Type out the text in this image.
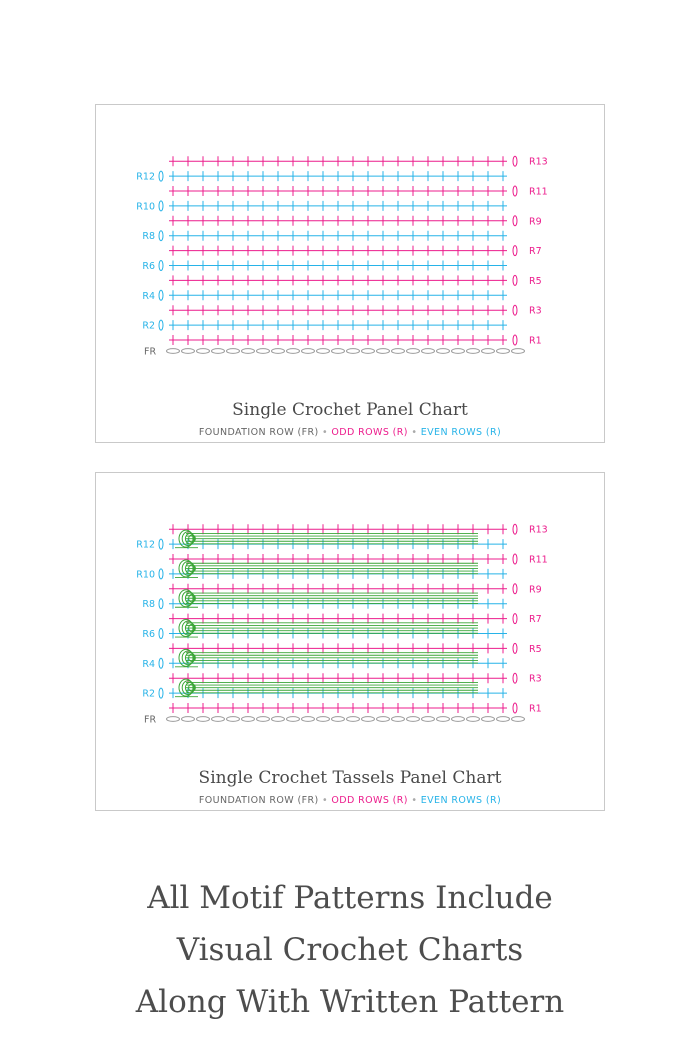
FR
R1
R2
R3
R4
R5
R6
R7
R8
R9
R10
R11
R12
R13
Single Crochet Panel Chart
FOUNDATION ROW (FR) • ODD ROWS (R) • EVEN ROWS (R)
FR
R1
R2
R3
R4
R5
R6
R7
R8
R9
R10
R11
R12
R13
Single Crochet Tassels Panel Chart
FOUNDATION ROW (FR) • ODD ROWS (R) • EVEN ROWS (R)
All Motif Patterns Include
Visual Crochet Charts
Along With Written Pattern
